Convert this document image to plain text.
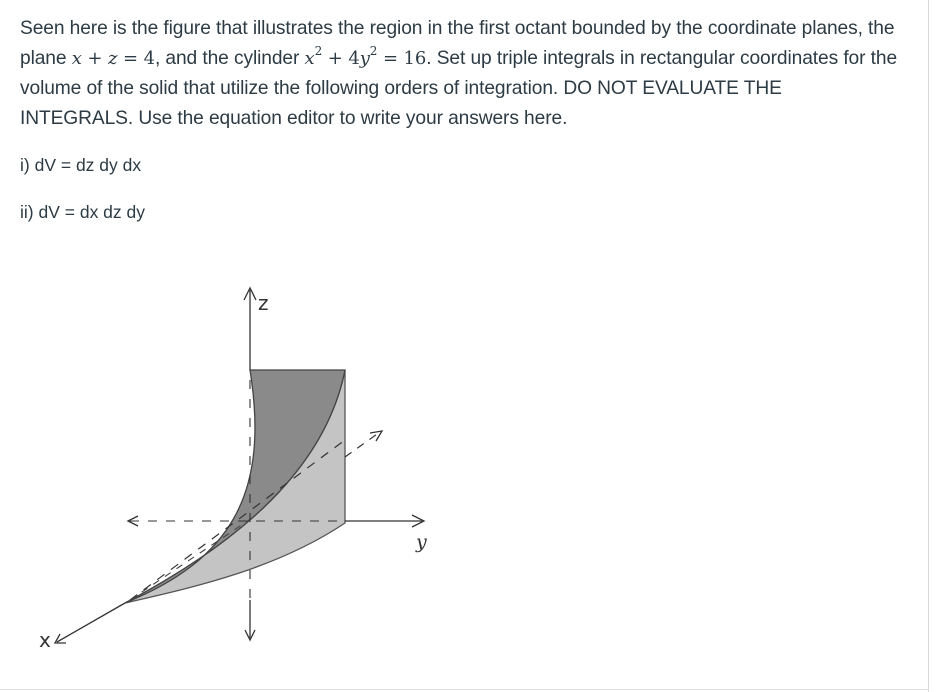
Seen here is the figure that illustrates the region in the first octant bounded by the coordinate planes, the plane x + z = 4, and the cylinder $x^2 + 4y^2 = 16$. Set up triple integrals in rectangular coordinates for the volume of the solid that utilize the following orders of integration. DO NOT EVALUATE THE INTEGRALS. Use the equation editor to write your answers here.
i) dV = dz dy dx
ii) dV = dx dz dy
z
y
x
